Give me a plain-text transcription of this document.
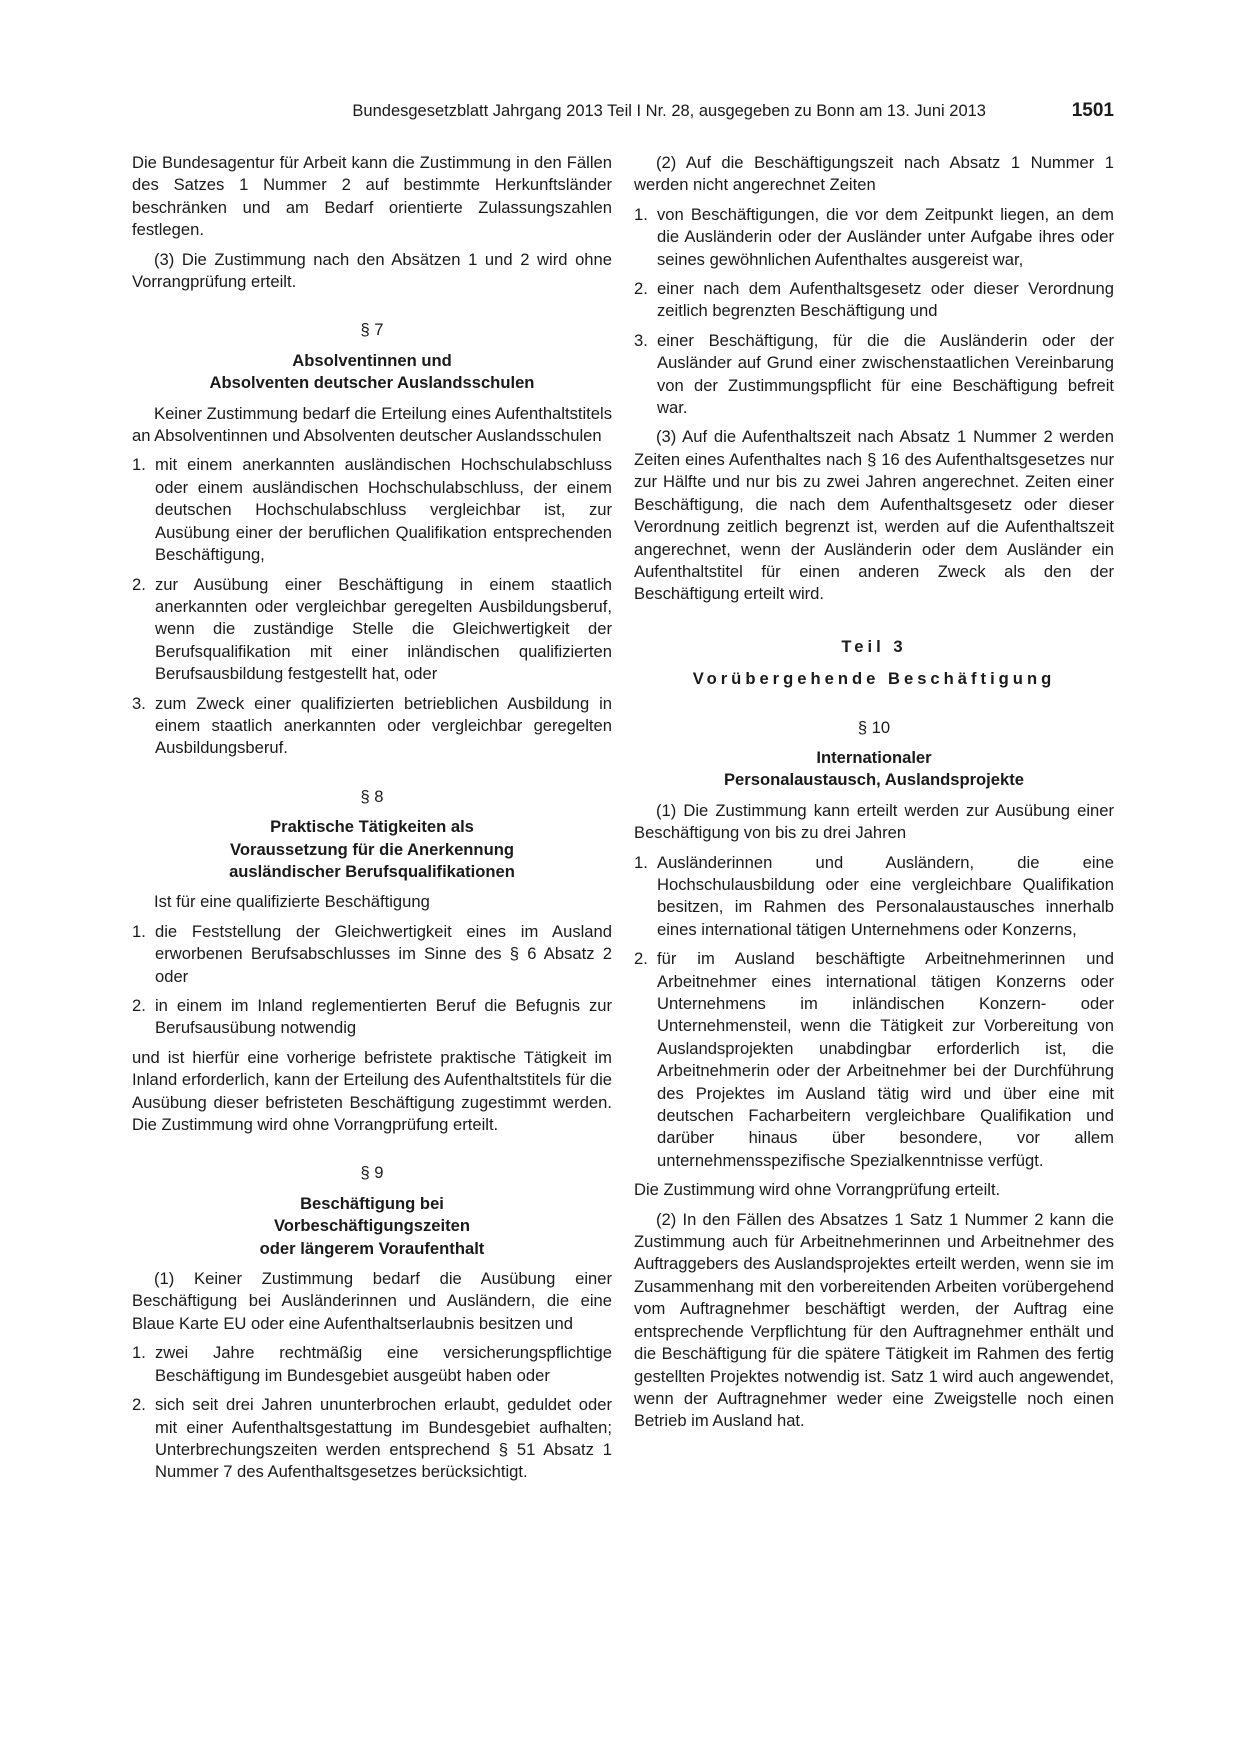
Bundesgesetzblatt Jahrgang 2013 Teil I Nr. 28, ausgegeben zu Bonn am 13. Juni 2013	1501

Die Bundesagentur für Arbeit kann die Zustimmung in den Fällen des Satzes 1 Nummer 2 auf bestimmte Herkunftsländer beschränken und am Bedarf orientierte Zulassungszahlen festlegen.

(3) Die Zustimmung nach den Absätzen 1 und 2 wird ohne Vorrangprüfung erteilt.

§ 7
Absolventinnen und
Absolventen deutscher Auslandsschulen

Keiner Zustimmung bedarf die Erteilung eines Aufenthaltstitels an Absolventinnen und Absolventen deutscher Auslandsschulen

1. mit einem anerkannten ausländischen Hochschulabschluss oder einem ausländischen Hochschulabschluss, der einem deutschen Hochschulabschluss vergleichbar ist, zur Ausübung einer der beruflichen Qualifikation entsprechenden Beschäftigung,
2. zur Ausübung einer Beschäftigung in einem staatlich anerkannten oder vergleichbar geregelten Ausbildungsberuf, wenn die zuständige Stelle die Gleichwertigkeit der Berufsqualifikation mit einer inländischen qualifizierten Berufsausbildung festgestellt hat, oder
3. zum Zweck einer qualifizierten betrieblichen Ausbildung in einem staatlich anerkannten oder vergleichbar geregelten Ausbildungsberuf.
§ 8
Praktische Tätigkeiten als
Voraussetzung für die Anerkennung
ausländischer Berufsqualifikationen

Ist für eine qualifizierte Beschäftigung

1. die Feststellung der Gleichwertigkeit eines im Ausland erworbenen Berufsabschlusses im Sinne des § 6 Absatz 2 oder
2. in einem im Inland reglementierten Beruf die Befugnis zur Berufsausübung notwendig

und ist hierfür eine vorherige befristete praktische Tätigkeit im Inland erforderlich, kann der Erteilung des Aufenthaltstitels für die Ausübung dieser befristeten Beschäftigung zugestimmt werden. Die Zustimmung wird ohne Vorrangprüfung erteilt.

§ 9
Beschäftigung bei
Vorbeschäftigungszeiten
oder längerem Voraufenthalt

(1) Keiner Zustimmung bedarf die Ausübung einer Beschäftigung bei Ausländerinnen und Ausländern, die eine Blaue Karte EU oder eine Aufenthaltserlaubnis besitzen und

1. zwei Jahre rechtmäßig eine versicherungspflichtige Beschäftigung im Bundesgebiet ausgeübt haben oder
2. sich seit drei Jahren ununterbrochen erlaubt, geduldet oder mit einer Aufenthaltsgestattung im Bundesgebiet aufhalten; Unterbrechungszeiten werden entsprechend § 51 Absatz 1 Nummer 7 des Aufenthaltsgesetzes berücksichtigt.

(2) Auf die Beschäftigungszeit nach Absatz 1 Nummer 1 werden nicht angerechnet Zeiten

1. von Beschäftigungen, die vor dem Zeitpunkt liegen, an dem die Ausländerin oder der Ausländer unter Aufgabe ihres oder seines gewöhnlichen Aufenthaltes ausgereist war,
2. einer nach dem Aufenthaltsgesetz oder dieser Verordnung zeitlich begrenzten Beschäftigung und
3. einer Beschäftigung, für die die Ausländerin oder der Ausländer auf Grund einer zwischenstaatlichen Vereinbarung von der Zustimmungspflicht für eine Beschäftigung befreit war.

(3) Auf die Aufenthaltszeit nach Absatz 1 Nummer 2 werden Zeiten eines Aufenthaltes nach § 16 des Aufenthaltsgesetzes nur zur Hälfte und nur bis zu zwei Jahren angerechnet. Zeiten einer Beschäftigung, die nach dem Aufenthaltsgesetz oder dieser Verordnung zeitlich begrenzt ist, werden auf die Aufenthaltszeit angerechnet, wenn der Ausländerin oder dem Ausländer ein Aufenthaltstitel für einen anderen Zweck als den der Beschäftigung erteilt wird.

Teil 3
Vorübergehende Beschäftigung
§ 10
Internationaler
Personalaustausch, Auslandsprojekte

(1) Die Zustimmung kann erteilt werden zur Ausübung einer Beschäftigung von bis zu drei Jahren

1. Ausländerinnen und Ausländern, die eine Hochschulausbildung oder eine vergleichbare Qualifikation besitzen, im Rahmen des Personalaustausches innerhalb eines international tätigen Unternehmens oder Konzerns,
2. für im Ausland beschäftigte Arbeitnehmerinnen und Arbeitnehmer eines international tätigen Konzerns oder Unternehmens im inländischen Konzern- oder Unternehmensteil, wenn die Tätigkeit zur Vorbereitung von Auslandsprojekten unabdingbar erforderlich ist, die Arbeitnehmerin oder der Arbeitnehmer bei der Durchführung des Projektes im Ausland tätig wird und über eine mit deutschen Facharbeitern vergleichbare Qualifikation und darüber hinaus über besondere, vor allem unternehmensspezifische Spezialkenntnisse verfügt.

Die Zustimmung wird ohne Vorrangprüfung erteilt.

(2) In den Fällen des Absatzes 1 Satz 1 Nummer 2 kann die Zustimmung auch für Arbeitnehmerinnen und Arbeitnehmer des Auftraggebers des Auslandsprojektes erteilt werden, wenn sie im Zusammenhang mit den vorbereitenden Arbeiten vorübergehend vom Auftragnehmer beschäftigt werden, der Auftrag eine entsprechende Verpflichtung für den Auftragnehmer enthält und die Beschäftigung für die spätere Tätigkeit im Rahmen des fertig gestellten Projektes notwendig ist. Satz 1 wird auch angewendet, wenn der Auftragnehmer weder eine Zweigstelle noch einen Betrieb im Ausland hat.
